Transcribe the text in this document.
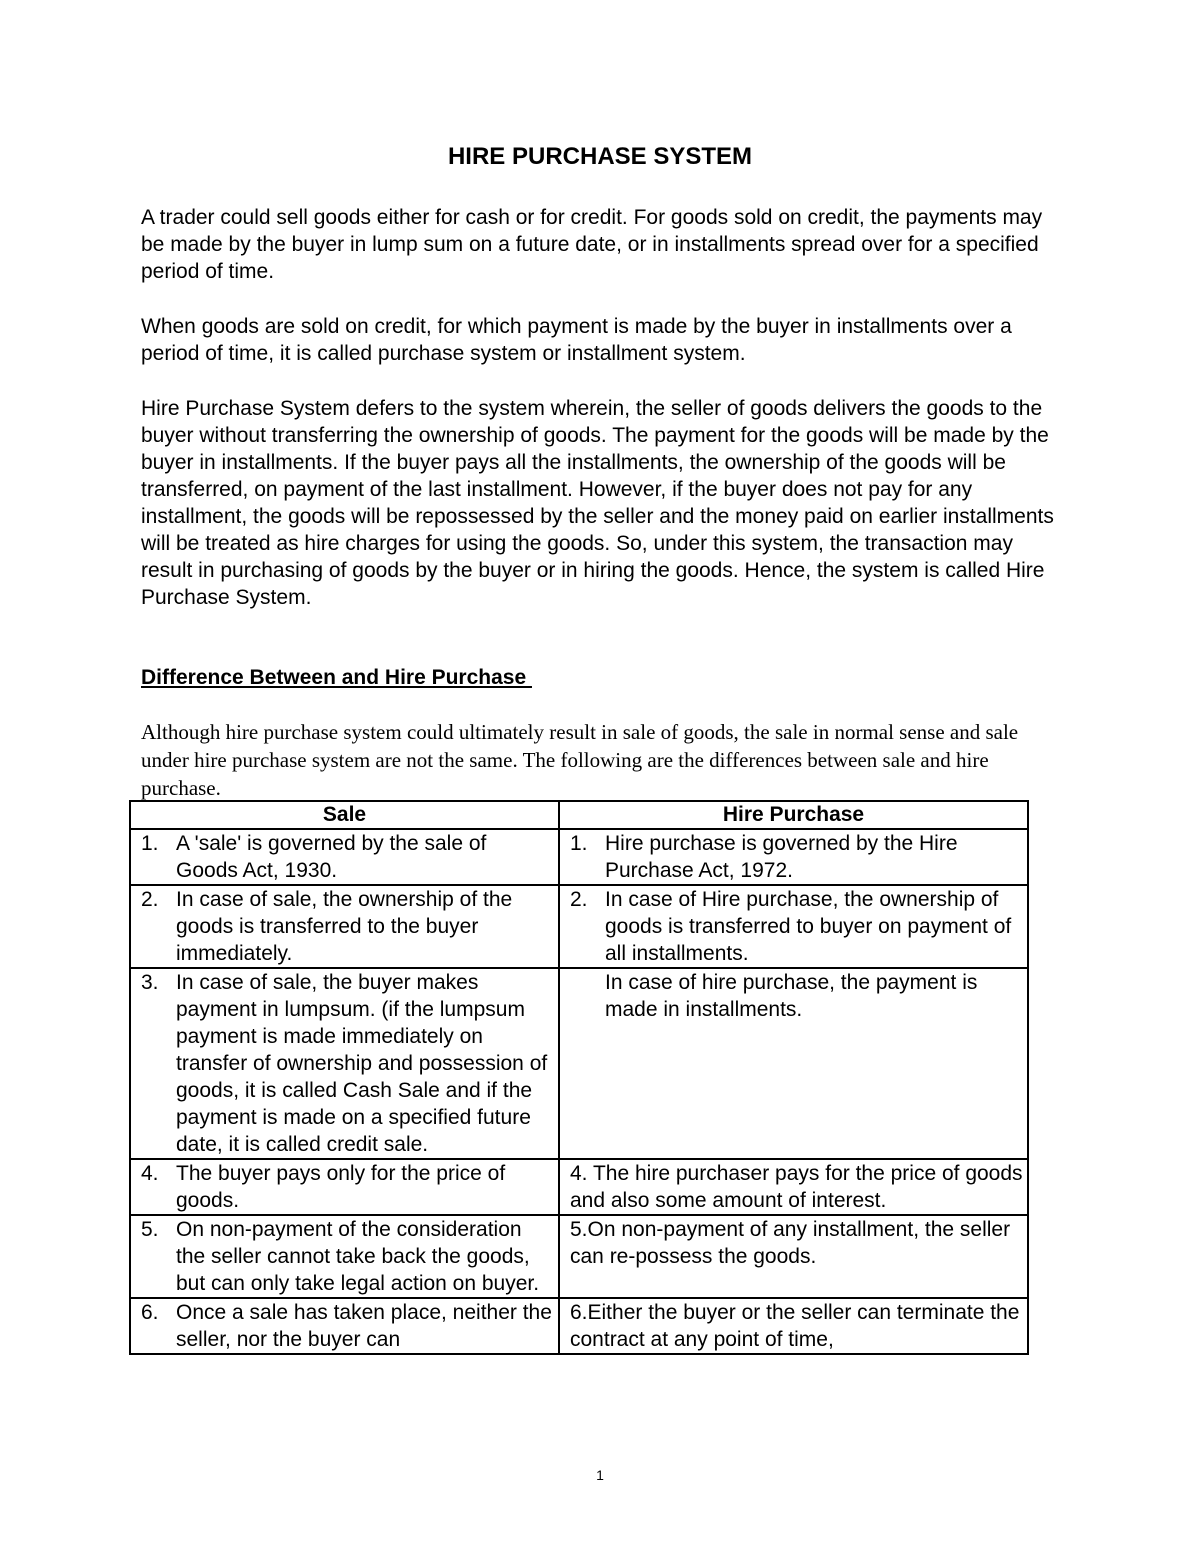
HIRE PURCHASE SYSTEM

A trader could sell goods either for cash or for credit. For goods sold on credit, the payments may be made by the buyer in lump sum on a future date, or in installments spread over for a specified period of time.

When goods are sold on credit, for which payment is made by the buyer in installments over a period of time, it is called purchase system or installment system.

Hire Purchase System defers to the system wherein, the seller of goods delivers the goods to the buyer without transferring the ownership of goods. The payment for the goods will be made by the buyer in installments. If the buyer pays all the installments, the ownership of the goods will be transferred, on payment of the last installment. However, if the buyer does not pay for any installment, the goods will be repossessed by the seller and the money paid on earlier installments will be treated as hire charges for using the goods. So, under this system, the transaction may result in purchasing of goods by the buyer or in hiring the goods. Hence, the system is called Hire Purchase System.

Difference Between and Hire Purchase

Although hire purchase system could ultimately result in sale of goods, the sale in normal sense and sale under hire purchase system are not the same. The following are the differences between sale and hire purchase.

Sale	Hire Purchase

1. A 'sale' is governed by the sale of Goods Act, 1930.	1. Hire purchase is governed by the Hire Purchase Act, 1972.

2. In case of sale, the ownership of the goods is transferred to the buyer immediately.	2. In case of Hire purchase, the ownership of goods is transferred to buyer on payment of all installments.

3. In case of sale, the buyer makes payment in lumpsum. (if the lumpsum payment is made immediately on transfer of ownership and possession of goods, it is called Cash Sale and if the payment is made on a specified future date, it is called credit sale.	In case of hire purchase, the payment is made in installments.

4. The buyer pays only for the price of goods.	4. The hire purchaser pays for the price of goods and also some amount of interest.

5. On non-payment of the consideration the seller cannot take back the goods, but can only take legal action on buyer.	5.On non-payment of any installment, the seller can re-possess the goods.

6. Once a sale has taken place, neither the seller, nor the buyer can	6.Either the buyer or the seller can terminate the contract at any point of time,
1
